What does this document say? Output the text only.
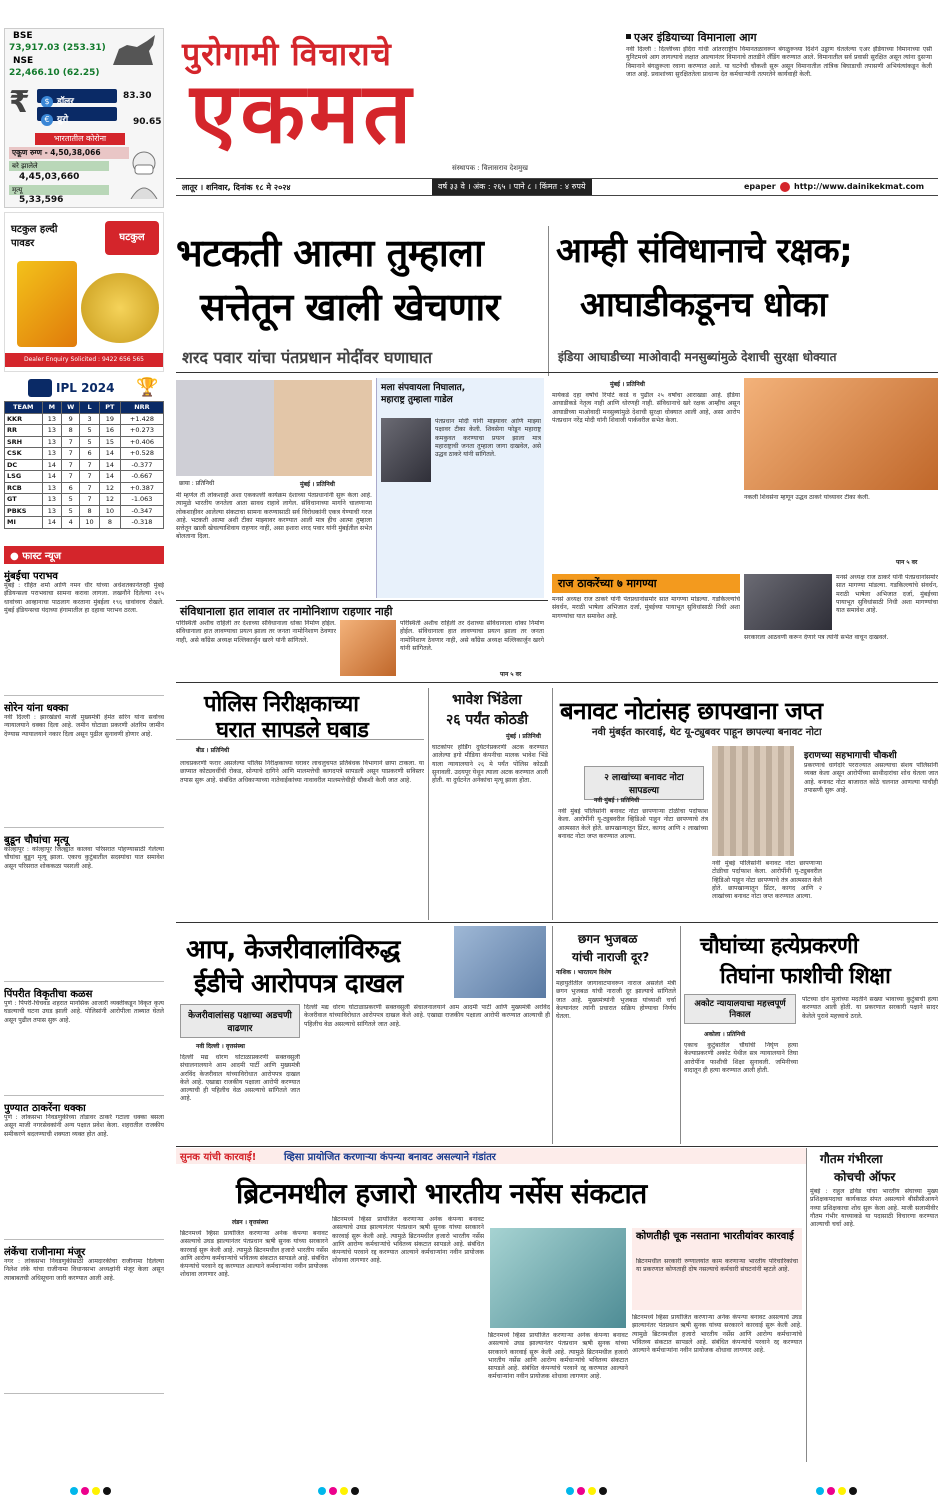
BSE
73,917.03 (253.31)
NSE
22,466.10 (62.25)
₹	$ डॉलर
83.30
€ युरो	90.65
भारतातील कोरोना
एकूण रुग्ण - 4,50,38,066
बरे झालेले
4,45,03,660
मृत्यू
5,33,596
घटकुल हल्दी पावडर
घटकुल
Dealer Enquiry Solicited : 9422 656 565
IPL 2024 🏆
TEAM	M	W	L	PT	NRR
KKR	13	9	3	19	+1.428
RR	13	8	5	16	+0.273
SRH	13	7	5	15	+0.406
CSK	13	7	6	14	+0.528
DC	14	7	7	14	-0.377
LSG	14	7	7	14	-0.667
RCB	13	6	7	12	+0.387
GT	13	5	7	12	-1.063
PBKS	13	5	8	10	-0.347
MI	14	4	10	8	-0.318
● फास्ट न्यूज
मुंबईचा पराभव
मुंबई : रोहित शर्मा आणि नमन धीर यांच्या अर्धशतकानंतरही मुंबई इंडियन्सला पराभवाचा सामना करावा लागला. लखनौने दिलेल्या २१५ धावांच्या आव्हानाचा पाठलाग करताना मुंबईला १९६ धावांवरच रोखले. मुंबई इंडियन्सचा यंदाच्या हंगामातील हा दहावा पराभव ठरला.
सोरेन यांना धक्का
नवी दिल्ली : झारखंडचे माजी मुख्यमंत्री हेमंत सोरेन यांना सर्वोच्च न्यायालयाने धक्का दिला आहे. जमीन घोटाळा प्रकरणी अंतरिम जामीन देण्यास न्यायालयाने नकार दिला असून पुढील सुनावणी होणार आहे.
बुडून चौघांचा मृत्यू
कोल्हापूर : कोल्हापूर जिल्ह्यात कालवा परिसरात पोहण्यासाठी गेलेल्या चौघांचा बुडून मृत्यू झाला. एकाच कुटुंबातील सदस्यांचा यात समावेश असून परिसरात शोककळा पसरली आहे.
पिंपरीत विकृतीचा कळस
पुणे : पिंपरी-चिंचवड शहरात मानसिक आजारी व्यक्तीकडून विकृत कृत्य घडल्याची घटना उघड झाली आहे. पोलिसांनी आरोपीला ताब्यात घेतले असून पुढील तपास सुरू आहे.
पुण्यात ठाकरेंना धक्का
पुणे : लोकसभा निवडणुकीच्या तोंडावर ठाकरे गटाला धक्का बसला असून माजी नगरसेवकांनी अन्य पक्षात प्रवेश केला. शहरातील राजकीय समीकरणे बदलण्याची शक्यता व्यक्त होत आहे.
लंकेंचा राजीनामा मंजूर
नगर : लोकसभा निवडणुकीसाठी आमदारकीचा राजीनामा दिलेल्या निलेश लंके यांचा राजीनामा विधानसभा अध्यक्षांनी मंजूर केला असून त्याबाबतची अधिसूचना जारी करण्यात आली आहे.
पुरोगामी विचाराचे
एकमत
संस्थापक : विलासराव देशमुख
एअर इंडियाच्या विमानाला आग
नवी दिल्ली : दिल्लीच्या इंदिरा गांधी आंतरराष्ट्रीय विमानतळावरून बंगळुरूच्या दिशेने उड्डाण घेतलेल्या एअर इंडियाच्या विमानाच्या एसी युनिटमध्ये आग लागल्याचे लक्षात आल्यानंतर विमानाचे तातडीने लँडिंग करण्यात आले. विमानातील सर्व प्रवासी सुरक्षित असून त्यांना दुसऱ्या विमानाने बंगळुरूला रवाना करण्यात आले. या घटनेची चौकशी सुरू असून विमानातील तांत्रिक बिघाडाची तपासणी अभियंत्यांकडून केली जात आहे. प्रवाशांच्या सुरक्षिततेला प्राधान्य देत कर्मचाऱ्यांनी तत्परतेने कार्यवाही केली.
लातूर । शनिवार, दिनांक १८ मे २०२४	वर्ष ३३ वे । अंक : २६५ । पाने ८ । किंमत : ४ रुपये	epaper http://www.dainikekmat.com
भटकती आत्मा तुम्हाला
सत्तेतून खाली खेचणार
शरद पवार यांचा पंतप्रधान मोदींवर घणाघात
छाया : प्रतिनिधी	मुंबई । प्रतिनिधी
मी म्हणेल ती लोकशाही अशा एककल्ली कार्यक्रम देशाच्या पंतप्रधानांनी सुरू केला आहे. त्यामुळे भारतीय जनतेला आता सावध राहावे लागेल. संविधानाच्या मार्गाने चालणाऱ्या लोकशाहीवर आलेल्या संकटाचा सामना करण्यासाठी सर्व विरोधकांनी एकत्र येण्याची गरज आहे. भटकती आत्मा अशी टीका माझ्यावर करण्यात आली मात्र हीच आत्मा तुम्हाला सत्तेतून खाली खेचल्याशिवाय राहणार नाही, असा इशारा शरद पवार यांनी मुंबईतील सभेत बोलताना दिला.
मला संपवायला निघालात, महाराष्ट्र तुम्हाला गाडेल
पंतप्रधान मोदी यांनी माझ्यावर आणि माझ्या पक्षावर टीका केली. शिवसेना फोडून महाराष्ट्र कमकुवत करण्याचा प्रयत्न झाला मात्र महाराष्ट्राची जनता तुम्हाला जागा दाखवेल, असे उद्धव ठाकरे यांनी सांगितले.
संविधानाला हात लावाल तर नामोनिशाण राहणार नाही
परिस्थिती अशीच राहिली तर देशाच्या संविधानाला धोका निर्माण होईल. संविधानाला हात लावण्याचा प्रयत्न झाला तर जनता नामोनिशाण ठेवणार नाही, असे काँग्रेस अध्यक्ष मल्लिकार्जुन खरगे यांनी सांगितले.
परिस्थिती अशीच राहिली तर देशाच्या संविधानाला धोका निर्माण होईल. संविधानाला हात लावण्याचा प्रयत्न झाला तर जनता नामोनिशाण ठेवणार नाही, असे काँग्रेस अध्यक्ष मल्लिकार्जुन खरगे यांनी सांगितले.
पान ५ वर
आम्ही संविधानाचे रक्षक;
आघाडीकडूनच धोका
इंडिया आघाडीच्या माओवादी मनसुब्यांमुळे देशाची सुरक्षा धोक्यात
मुंबई । प्रतिनिधी
मायेकडे दहा वर्षांचे रिपोर्ट कार्ड व पुढील २५ वर्षांचा आराखडा आहे. इंडिया आघाडीकडे नेतृत्व नाही आणि धोरणही नाही. संविधानाचे खरे रक्षक आम्हीच असून आघाडीच्या माओवादी मनसुब्यांमुळे देशाची सुरक्षा धोक्यात आली आहे, असा आरोप पंतप्रधान नरेंद्र मोदी यांनी शिवाजी पार्कवरील सभेत केला.
नकली शिवसेना म्हणून उद्धव ठाकरे यांच्यावर टीका केली.
पान ५ वर
राज ठाकरेंच्या ७ मागण्या
मनसे अध्यक्ष राज ठाकरे यांनी पंतप्रधानांसमोर सात मागण्या मांडल्या. गडकिल्ल्यांचे संवर्धन, मराठी भाषेला अभिजात दर्जा, मुंबईच्या पायाभूत सुविधांसाठी निधी अशा मागण्यांचा यात समावेश आहे.
मनसे अध्यक्ष राज ठाकरे यांनी पंतप्रधानांसमोर सात मागण्या मांडल्या. गडकिल्ल्यांचे संवर्धन, मराठी भाषेला अभिजात दर्जा, मुंबईच्या पायाभूत सुविधांसाठी निधी अशा मागण्यांचा यात समावेश आहे.
सरकारला आठवणी करून देणारे पत्र त्यांनी सभेत वाचून दाखवले.
पोलिस निरीक्षकाच्या
घरात सापडले घबाड
बीड । प्रतिनिधी
लाचप्रकरणी फरार असलेल्या पोलिस निरीक्षकाच्या घरावर लाचलुचपत प्रतिबंधक विभागाने छापा टाकला. या छाप्यात कोट्यवधींची रोकड, सोन्याचे दागिने आणि मालमत्तेची कागदपत्रे सापडली असून याप्रकरणी सविस्तर तपास सुरू आहे. संबंधित अधिकाऱ्याच्या नातेवाईकांच्या नावावरील मालमत्तेचीही चौकशी केली जात आहे.
भावेश भिंडेला
२६ पर्यंत कोठडी
मुंबई । प्रतिनिधी
घाटकोपर होर्डिंग दुर्घटनेप्रकरणी अटक करण्यात आलेल्या इगो मीडिया कंपनीचा मालक भावेश भिंडे याला न्यायालयाने २६ मे पर्यंत पोलिस कोठडी सुनावली. उदयपूर येथून त्याला अटक करण्यात आली होती. या दुर्घटनेत अनेकांचा मृत्यू झाला होता.
बनावट नोटांसह छापखाना जप्त
नवी मुंबईत कारवाई, थेट यू-ट्युबवर पाहून छापल्या बनावट नोटा
२ लाखांच्या बनावट नोटा सापडल्या
नवी मुंबई । प्रतिनिधी
नवी मुंबई पोलिसांनी बनावट नोटा छापणाऱ्या टोळीचा पर्दाफाश केला. आरोपींनी यू-ट्युबवरील व्हिडिओ पाहून नोटा छापण्याचे तंत्र आत्मसात केले होते. छापखान्यातून प्रिंटर, कागद आणि २ लाखांच्या बनावट नोटा जप्त करण्यात आल्या.
नवी मुंबई पोलिसांनी बनावट नोटा छापणाऱ्या टोळीचा पर्दाफाश केला. आरोपींनी यू-ट्युबवरील व्हिडिओ पाहून नोटा छापण्याचे तंत्र आत्मसात केले होते. छापखान्यातून प्रिंटर, कागद आणि २ लाखांच्या बनावट नोटा जप्त करण्यात आल्या.
इराणच्या सहभागाची चौकशी
प्रकरणाचे धागेदोरे परराज्यात असल्याचा संशय पोलिसांनी व्यक्त केला असून आरोपींच्या साथीदारांचा शोध घेतला जात आहे. बनावट नोटा बाजारात कोठे चलनात आणल्या याचीही तपासणी सुरू आहे.
आप, केजरीवालांविरुद्ध
ईडीचे आरोपपत्र दाखल
केजरीवालांसह पक्षाच्या अडचणी वाढणार
नवी दिल्ली । वृत्तसंस्था
दिल्ली मद्य धोरण घोटाळाप्रकरणी सक्तवसुली संचालनालयाने आम आदमी पार्टी आणि मुख्यमंत्री अरविंद केजरीवाल यांच्याविरोधात आरोपपत्र दाखल केले आहे. एखाद्या राजकीय पक्षाला आरोपी करण्यात आल्याची ही पहिलीच वेळ असल्याचे सांगितले जात आहे.
दिल्ली मद्य धोरण घोटाळाप्रकरणी सक्तवसुली संचालनालयाने आम आदमी पार्टी आणि मुख्यमंत्री अरविंद केजरीवाल यांच्याविरोधात आरोपपत्र दाखल केले आहे. एखाद्या राजकीय पक्षाला आरोपी करण्यात आल्याची ही पहिलीच वेळ असल्याचे सांगितले जात आहे.
छगन भुजबळ
यांची नाराजी दूर?
नाशिक । भारतरत्न विशेष
महायुतीतील जागावाटपावरून नाराज असलेले मंत्री छगन भुजबळ यांची नाराजी दूर झाल्याचे सांगितले जात आहे. मुख्यमंत्र्यांनी भुजबळ यांच्याशी चर्चा केल्यानंतर त्यांनी प्रचारात सक्रिय होण्याचा निर्णय घेतला.
चौघांच्या हत्येप्रकरणी
तिघांना फाशीची शिक्षा
अकोट न्यायालयाचा महत्त्वपूर्ण निकाल
अकोला । प्रतिनिधी
एकाच कुटुंबातील चौघांची निर्घृण हत्या केल्याप्रकरणी अकोट येथील सत्र न्यायालयाने तिघा आरोपींना फाशीची शिक्षा सुनावली. जमिनीच्या वादातून ही हत्या करण्यात आली होती.
पोटच्या दोन मुलांच्या मदतीने सख्या भावाच्या कुटुंबाची हत्या करण्यात आली होती. या प्रकरणात सरकारी पक्षाने सादर केलेले पुरावे महत्त्वाचे ठरले.
सुनक यांची कारवाई!	व्हिसा प्रायोजित करणाऱ्या कंपन्या बनावट असल्याने गंडांतर
ब्रिटनमधील हजारो भारतीय नर्सेस संकटात
लंडन । वृत्तसंस्था
ब्रिटनमध्ये व्हिसा प्रायोजित करणाऱ्या अनेक कंपन्या बनावट असल्याचे उघड झाल्यानंतर पंतप्रधान ऋषी सुनक यांच्या सरकारने कारवाई सुरू केली आहे. त्यामुळे ब्रिटनमधील हजारो भारतीय नर्सेस आणि आरोग्य कर्मचाऱ्यांचे भवितव्य संकटात सापडले आहे. संबंधित कंपन्यांचे परवाने रद्द करण्यात आल्याने कर्मचाऱ्यांना नवीन प्रायोजक शोधावा लागणार आहे.
ब्रिटनमध्ये व्हिसा प्रायोजित करणाऱ्या अनेक कंपन्या बनावट असल्याचे उघड झाल्यानंतर पंतप्रधान ऋषी सुनक यांच्या सरकारने कारवाई सुरू केली आहे. त्यामुळे ब्रिटनमधील हजारो भारतीय नर्सेस आणि आरोग्य कर्मचाऱ्यांचे भवितव्य संकटात सापडले आहे. संबंधित कंपन्यांचे परवाने रद्द करण्यात आल्याने कर्मचाऱ्यांना नवीन प्रायोजक शोधावा लागणार आहे.
ब्रिटनमध्ये व्हिसा प्रायोजित करणाऱ्या अनेक कंपन्या बनावट असल्याचे उघड झाल्यानंतर पंतप्रधान ऋषी सुनक यांच्या सरकारने कारवाई सुरू केली आहे. त्यामुळे ब्रिटनमधील हजारो भारतीय नर्सेस आणि आरोग्य कर्मचाऱ्यांचे भवितव्य संकटात सापडले आहे. संबंधित कंपन्यांचे परवाने रद्द करण्यात आल्याने कर्मचाऱ्यांना नवीन प्रायोजक शोधावा लागणार आहे.
कोणतीही चूक नसताना भारतीयांवर कारवाई
ब्रिटनमधील सरकारी रुग्णालयांत काम करणाऱ्या भारतीय परिचारिकांचा या प्रकरणात कोणताही दोष नसल्याचे कर्मचारी संघटनांनी म्हटले आहे.
ब्रिटनमध्ये व्हिसा प्रायोजित करणाऱ्या अनेक कंपन्या बनावट असल्याचे उघड झाल्यानंतर पंतप्रधान ऋषी सुनक यांच्या सरकारने कारवाई सुरू केली आहे. त्यामुळे ब्रिटनमधील हजारो भारतीय नर्सेस आणि आरोग्य कर्मचाऱ्यांचे भवितव्य संकटात सापडले आहे. संबंधित कंपन्यांचे परवाने रद्द करण्यात आल्याने कर्मचाऱ्यांना नवीन प्रायोजक शोधावा लागणार आहे.
गौतम गंभीरला
कोचची ऑफर
मुंबई : राहुल द्रविड यांचा भारतीय संघाच्या मुख्य प्रशिक्षकपदाचा कार्यकाळ संपत असल्याने बीसीसीआयने नव्या प्रशिक्षकाचा शोध सुरू केला आहे. माजी सलामीवीर गौतम गंभीर याच्याकडे या पदासाठी विचारणा करण्यात आल्याची चर्चा आहे.
